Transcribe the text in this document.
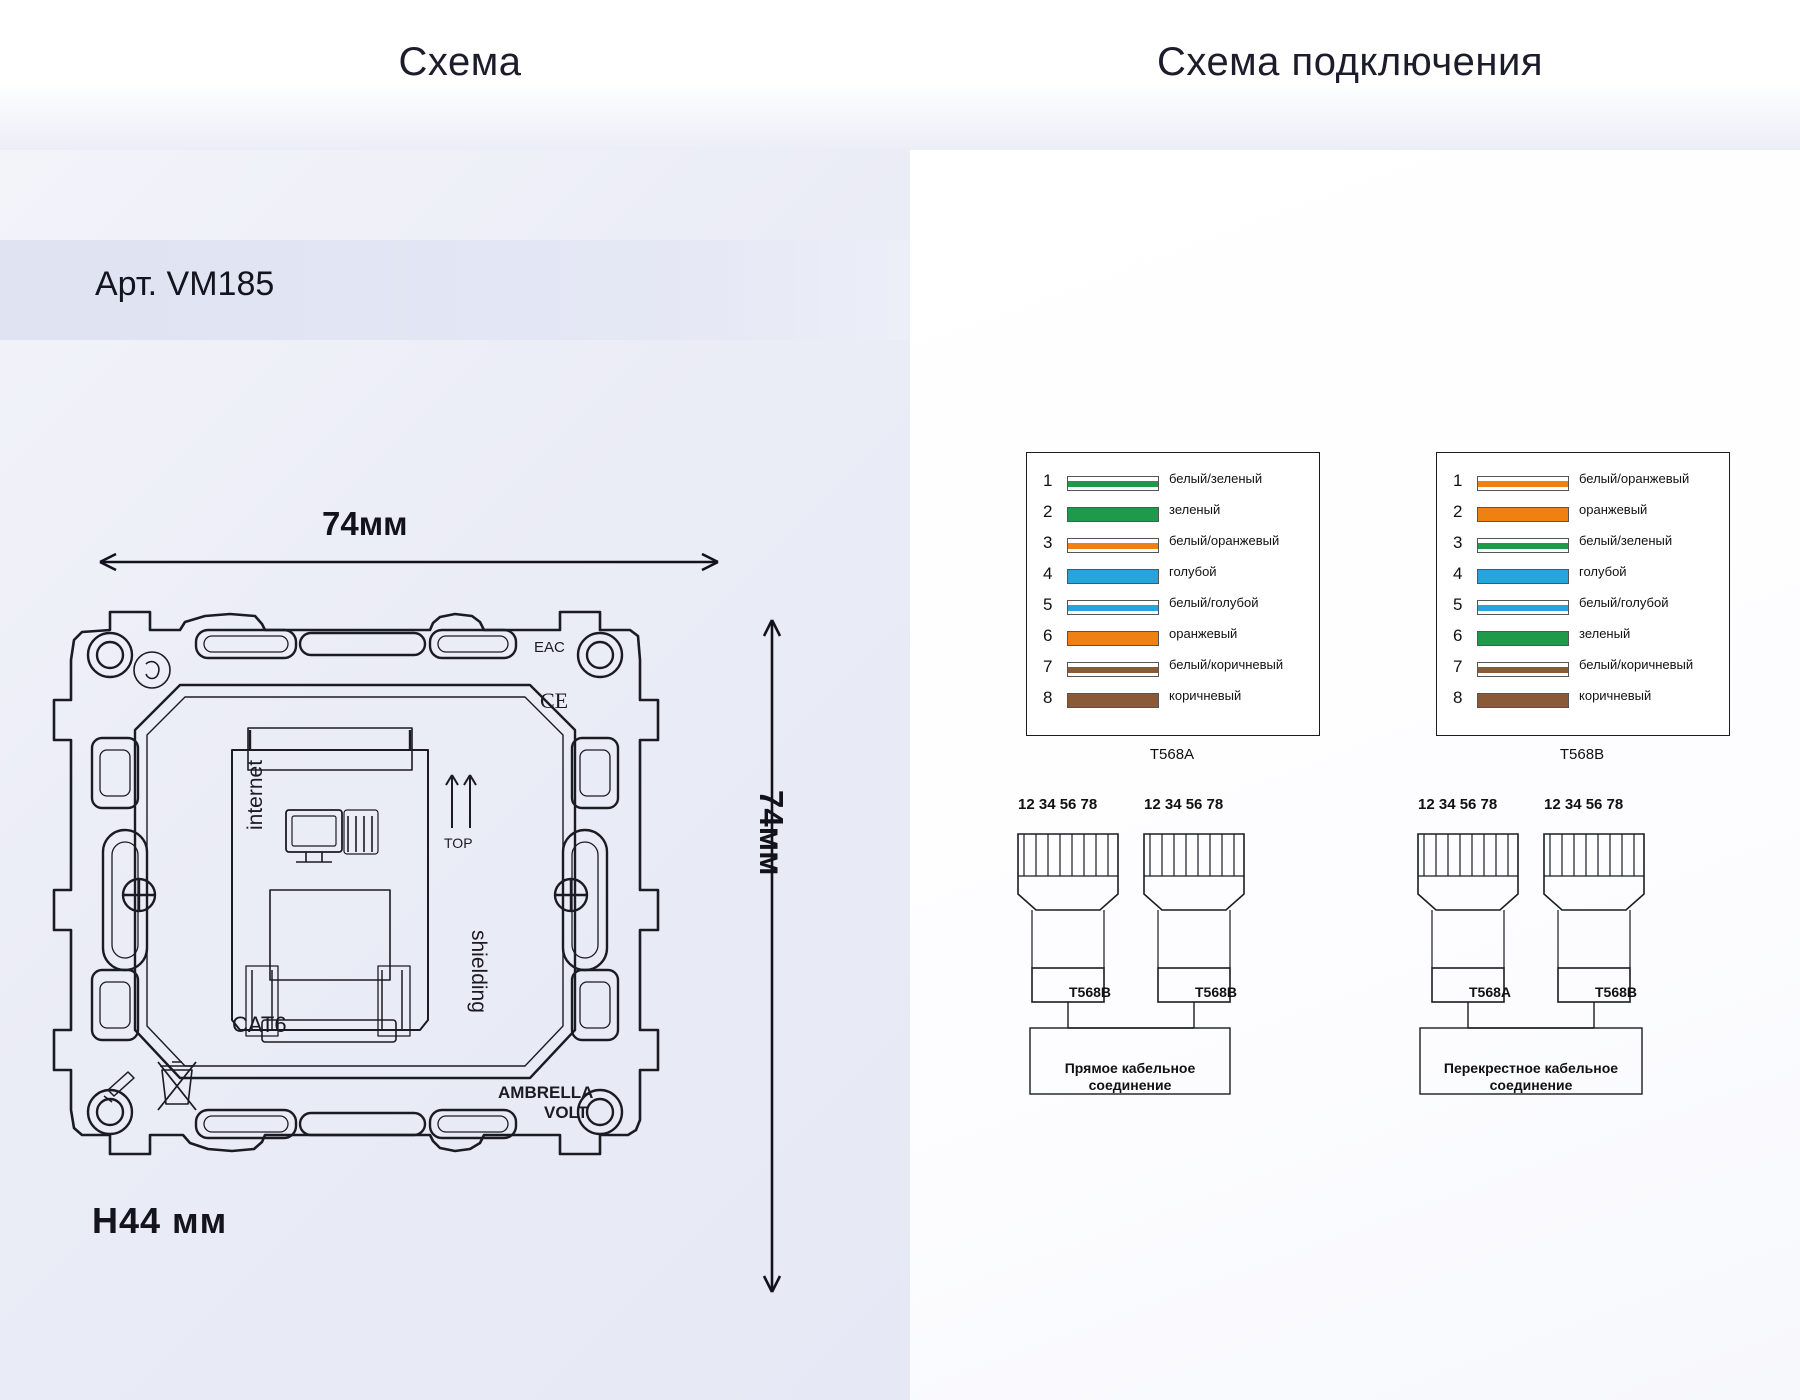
Схема	Схема подключения
Арт. VM185
internet
shielding
CAT6
TOP
EAC
CE
AMBRELLA
VOLT
74мм
74мм
H44 мм
1	белый/зеленый
2	зеленый
3	белый/оранжевый
4	голубой
5	белый/голубой
6	оранжевый
7	белый/коричневый
8	коричневый
T568A
1	белый/оранжевый
2	оранжевый
3	белый/зеленый
4	голубой
5	белый/голубой
6	зеленый
7	белый/коричневый
8	коричневый
T568B
12 34 56 78	12 34 56 78
T568B	T568B
Прямое кабельное
соединение
12 34 56 78	12 34 56 78
T568A	T568B
Перекрестное кабельное
соединение
